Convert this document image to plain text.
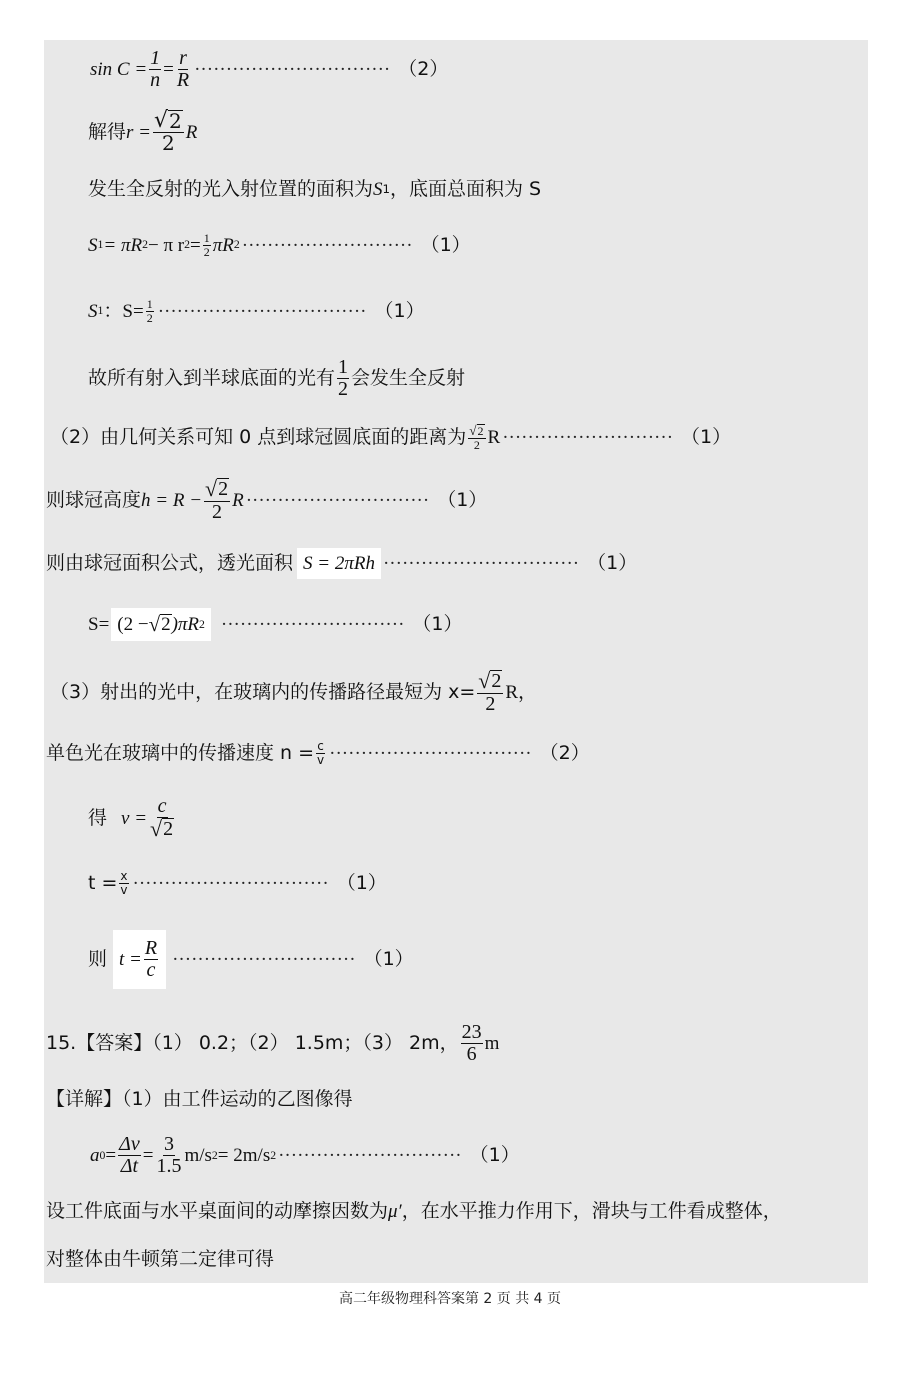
$\sin C = \frac{1}{n} = \frac{r}{R}$ ······························· （2）
解得 $r = \frac{√ 2}{2}$ R
发生全反射的光入射位置的面积为 S 1 ，底面总面积为 S
S 1 = πR 2 − π r $2 = \frac{1}{2}$ πR 2 ··························· （1）
S 1 ：$S= \frac{1}{2}$ ································· （1）
故所有射入到半球底面的光有 $\frac{1}{2}$ 会发生全反射
（2）由几何关系可知 0 点到球冠圆底面的距离为 $\frac{√ 2}{2}$ R ··························· （1）
则球冠高度 $h = R - \frac{√ 2}{2}$ R ····························· （1）
则由球冠面积公式，透光面积 S = 2πRh ······························· （1）
S= (2 − √ 2 )πR 2 ····························· （1）
（3）射出的光中，在玻璃内的传播路径最短为 $x= \frac{√ 2}{2}$ R，
单色光在玻璃中的传播速度 $n = \frac{c}{v}$ ································ （2）
得 $v = \frac{c}{√ 2}$
$t = \frac{x}{v}$ ······························· （1）
则 $t = \frac{R}{c}$ ····························· （1）
15.【答案】（1） 0.2；（2） 1.5m；（3） 2m， $\frac{23}{6}$ m
【详解】（1）由工件运动的乙图像得
a $0 = \frac{\Delta v}{\Delta t} = \frac{3}{1.5} m/s$ 2 = 2m/s 2 ····························· （1）
设工件底面与水平桌面间的动摩擦因数为 μ′ ，在水平推力作用下，滑块与工件看成整体，
对整体由牛顿第二定律可得
高二年级物理科答案第 2 页 共 4 页
